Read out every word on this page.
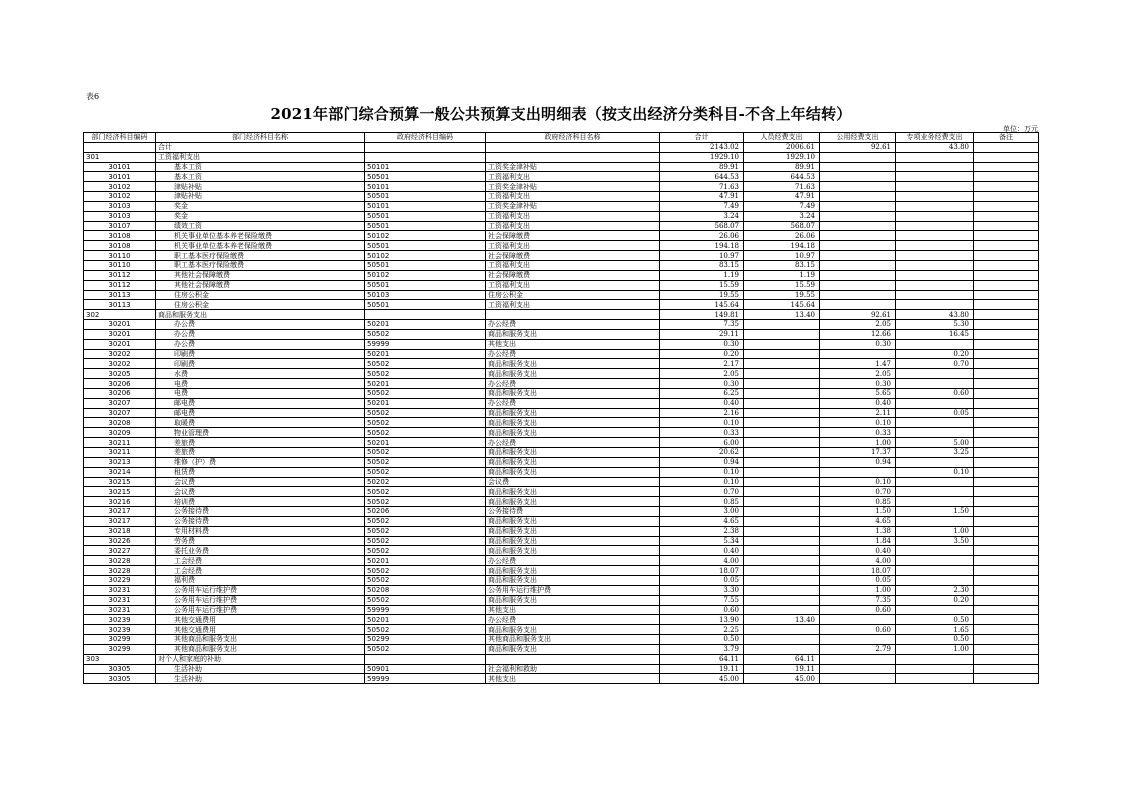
表6
2021年部门综合预算一般公共预算支出明细表（按支出经济分类科目-不含上年结转）
单位：万元
部门经济科目编码	部门经济科目名称	政府经济科目编码	政府经济科目名称	合计	人员经费支出	公用经费支出	专项业务经费支出	备注
	合计			2143.02	2006.61	92.61	43.80	
301	工资福利支出			1929.10	1929.10			
30101	基本工资	50101	工资奖金津补贴	89.91	89.91			
30101	基本工资	50501	工资福利支出	644.53	644.53			
30102	津贴补贴	50101	工资奖金津补贴	71.63	71.63			
30102	津贴补贴	50501	工资福利支出	47.91	47.91			
30103	奖金	50101	工资奖金津补贴	7.49	7.49			
30103	奖金	50501	工资福利支出	3.24	3.24			
30107	绩效工资	50501	工资福利支出	568.07	568.07			
30108	机关事业单位基本养老保险缴费	50102	社会保障缴费	26.06	26.06			
30108	机关事业单位基本养老保险缴费	50501	工资福利支出	194.18	194.18			
30110	职工基本医疗保险缴费	50102	社会保障缴费	10.97	10.97			
30110	职工基本医疗保险缴费	50501	工资福利支出	83.15	83.15			
30112	其他社会保障缴费	50102	社会保障缴费	1.19	1.19			
30112	其他社会保障缴费	50501	工资福利支出	15.59	15.59			
30113	住房公积金	50103	住房公积金	19.55	19.55			
30113	住房公积金	50501	工资福利支出	145.64	145.64			
302	商品和服务支出			149.81	13.40	92.61	43.80	
30201	办公费	50201	办公经费	7.35		2.05	5.30	
30201	办公费	50502	商品和服务支出	29.11		12.66	16.45	
30201	办公费	59999	其他支出	0.30		0.30		
30202	印刷费	50201	办公经费	0.20			0.20	
30202	印刷费	50502	商品和服务支出	2.17		1.47	0.70	
30205	水费	50502	商品和服务支出	2.05		2.05		
30206	电费	50201	办公经费	0.30		0.30		
30206	电费	50502	商品和服务支出	6.25		5.65	0.60	
30207	邮电费	50201	办公经费	0.40		0.40		
30207	邮电费	50502	商品和服务支出	2.16		2.11	0.05	
30208	取暖费	50502	商品和服务支出	0.10		0.10		
30209	物业管理费	50502	商品和服务支出	0.33		0.33		
30211	差旅费	50201	办公经费	6.00		1.00	5.00	
30211	差旅费	50502	商品和服务支出	20.62		17.37	3.25	
30213	维修（护）费	50502	商品和服务支出	0.94		0.94		
30214	租赁费	50502	商品和服务支出	0.10			0.10	
30215	会议费	50202	会议费	0.10		0.10		
30215	会议费	50502	商品和服务支出	0.70		0.70		
30216	培训费	50502	商品和服务支出	0.85		0.85		
30217	公务接待费	50206	公务接待费	3.00		1.50	1.50	
30217	公务接待费	50502	商品和服务支出	4.65		4.65		
30218	专用材料费	50502	商品和服务支出	2.38		1.38	1.00	
30226	劳务费	50502	商品和服务支出	5.34		1.84	3.50	
30227	委托业务费	50502	商品和服务支出	0.40		0.40		
30228	工会经费	50201	办公经费	4.00		4.00		
30228	工会经费	50502	商品和服务支出	18.07		18.07		
30229	福利费	50502	商品和服务支出	0.05		0.05		
30231	公务用车运行维护费	50208	公务用车运行维护费	3.30		1.00	2.30	
30231	公务用车运行维护费	50502	商品和服务支出	7.55		7.35	0.20	
30231	公务用车运行维护费	59999	其他支出	0.60		0.60		
30239	其他交通费用	50201	办公经费	13.90	13.40		0.50	
30239	其他交通费用	50502	商品和服务支出	2.25		0.60	1.65	
30299	其他商品和服务支出	50299	其他商品和服务支出	0.50			0.50	
30299	其他商品和服务支出	50502	商品和服务支出	3.79		2.79	1.00	
303	对个人和家庭的补助			64.11	64.11			
30305	生活补助	50901	社会福利和救助	19.11	19.11			
30305	生活补助	59999	其他支出	45.00	45.00			
